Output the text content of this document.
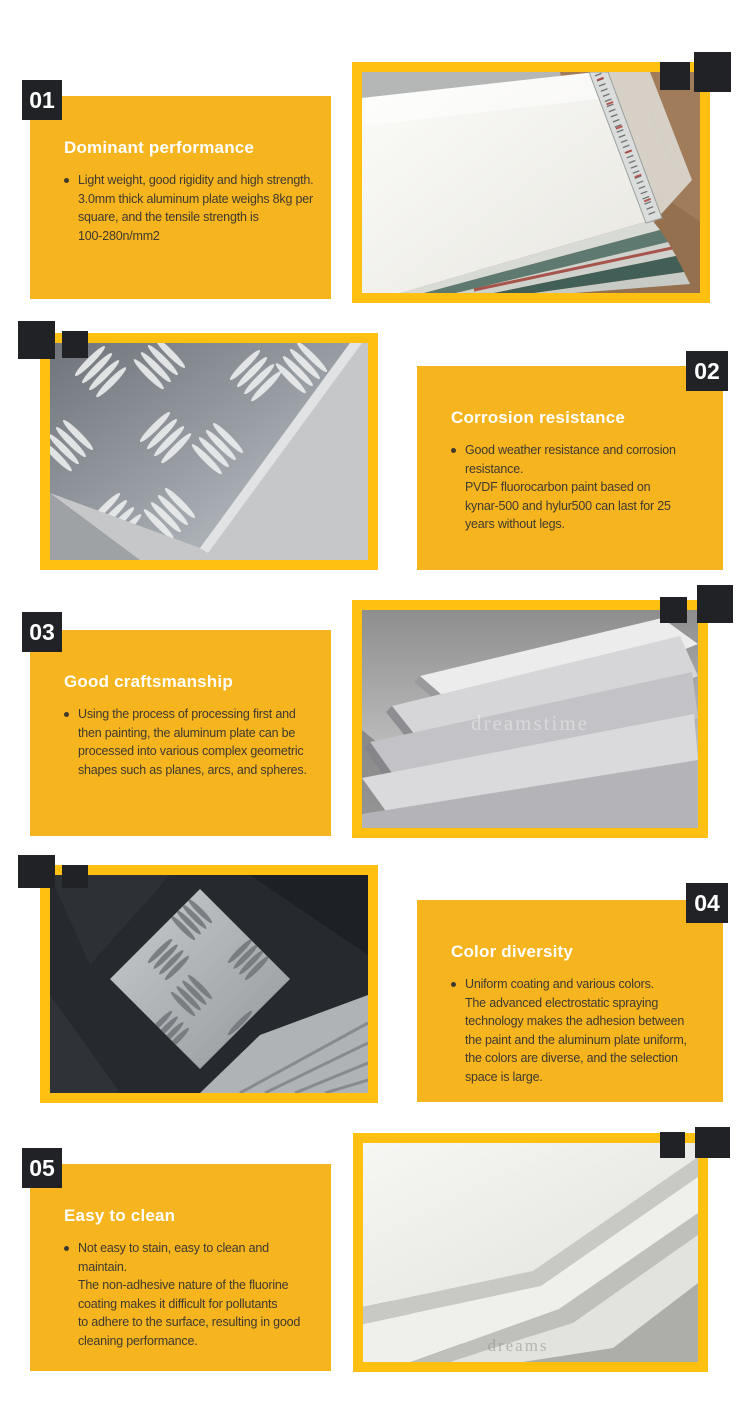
01
Dominant performance

Light weight, good rigidity and high strength.
3.0mm thick aluminum plate weighs 8kg per
square, and the tensile strength is
100-280n/mm2

02
Corrosion resistance

Good weather resistance and corrosion
resistance.
PVDF fluorocarbon paint based on
kynar-500 and hylur500 can last for 25
years without legs.

dreamstime
03
Good craftsmanship

Using the process of processing first and
then painting, the aluminum plate can be
processed into various complex geometric
shapes such as planes, arcs, and spheres.

04
Color diversity

Uniform coating and various colors.
The advanced electrostatic spraying
technology makes the adhesion between
the paint and the aluminum plate uniform,
the colors are diverse, and the selection
space is large.

dreams
05
Easy to clean

Not easy to stain, easy to clean and
maintain.
The non-adhesive nature of the fluorine
coating makes it difficult for pollutants
to adhere to the surface, resulting in good
cleaning performance.
